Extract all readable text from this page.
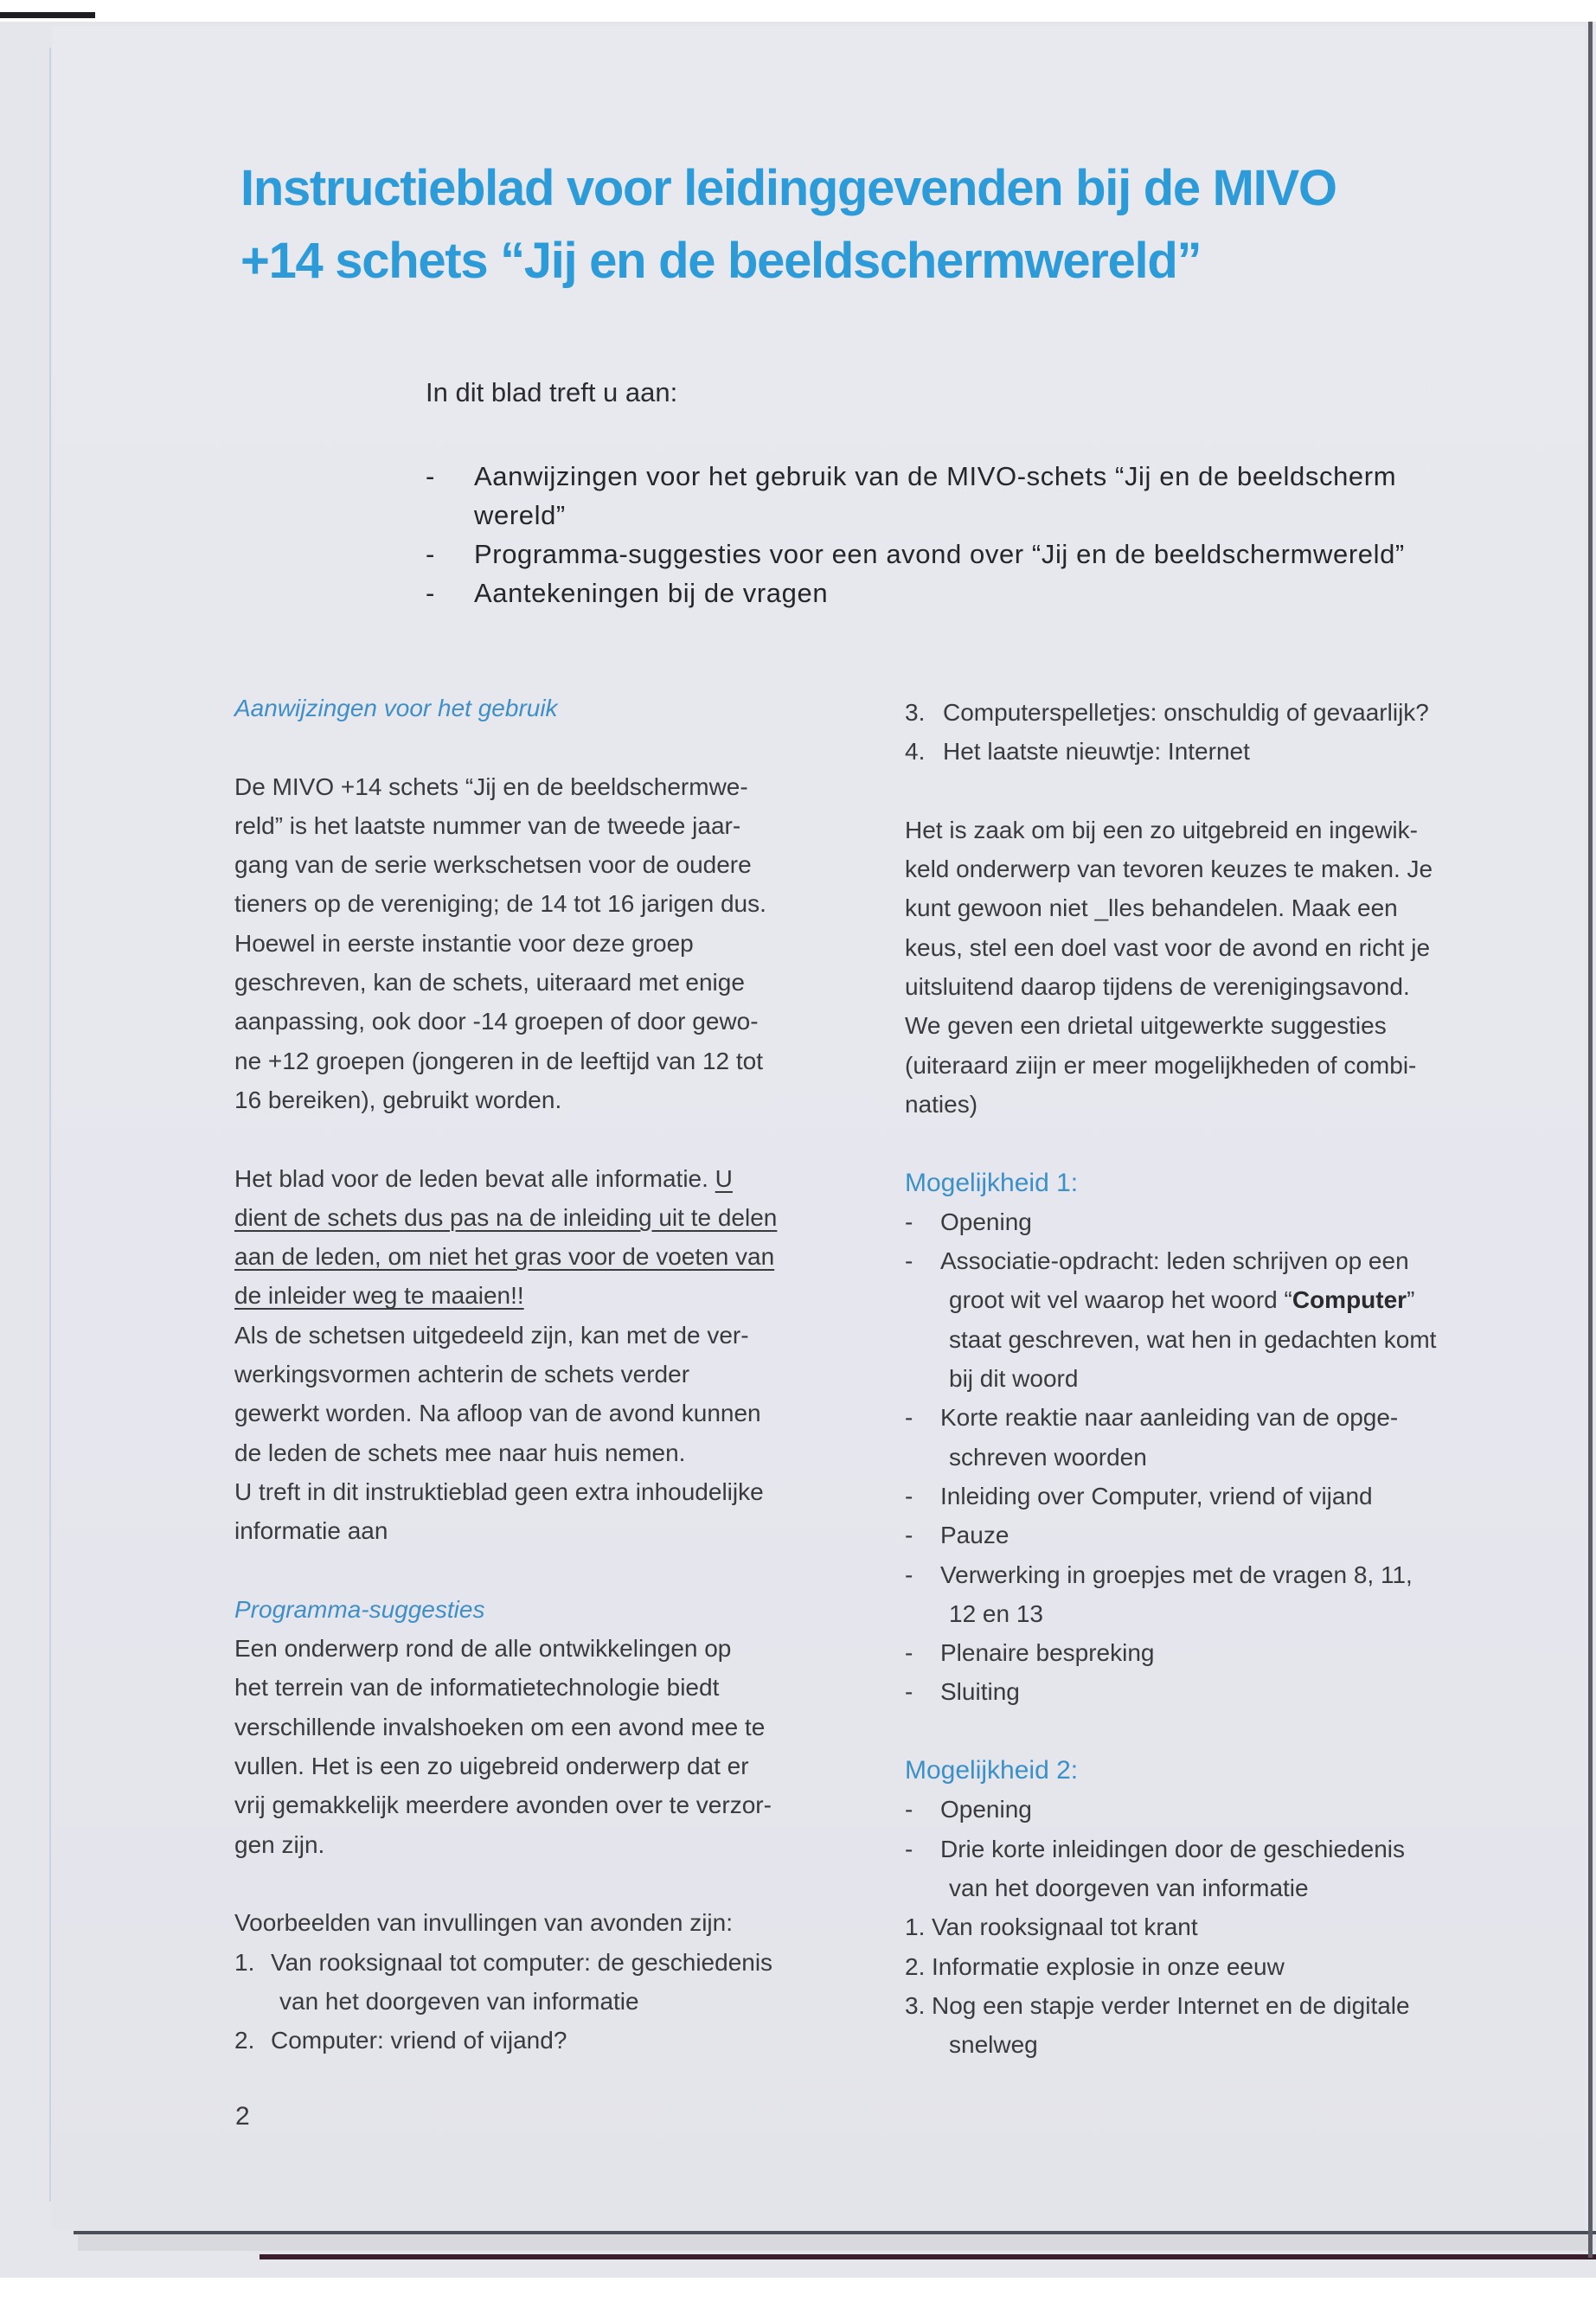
Instructieblad voor leidinggevenden bij de MIVO
+14 schets “Jij en de beeldschermwereld”
In dit blad treft u aan:
- Aanwijzingen voor het gebruik van de MIVO-schets “Jij en de beeldscherm
wereld”
- Programma-suggesties voor een avond over “Jij en de beeldschermwereld”
- Aantekeningen bij de vragen
Aanwijzingen voor het gebruik
De MIVO +14 schets “Jij en de beeldschermwe-
reld” is het laatste nummer van de tweede jaar-
gang van de serie werkschetsen voor de oudere
tieners op de vereniging; de 14 tot 16 jarigen dus.
Hoewel in eerste instantie voor deze groep
geschreven, kan de schets, uiteraard met enige
aanpassing, ook door -14 groepen of door gewo-
ne +12 groepen (jongeren in de leeftijd van 12 tot
16 bereiken), gebruikt worden.
Het blad voor de leden bevat alle informatie. U
dient de schets dus pas na de inleiding uit te delen
aan de leden, om niet het gras voor de voeten van
de inleider weg te maaien!!
Als de schetsen uitgedeeld zijn, kan met de ver-
werkingsvormen achterin de schets verder
gewerkt worden. Na afloop van de avond kunnen
de leden de schets mee naar huis nemen.
U treft in dit instruktieblad geen extra inhoudelijke
informatie aan
Programma-suggesties
Een onderwerp rond de alle ontwikkelingen op
het terrein van de informatietechnologie biedt
verschillende invalshoeken om een avond mee te
vullen. Het is een zo uigebreid onderwerp dat er
vrij gemakkelijk meerdere avonden over te verzor-
gen zijn.
Voorbeelden van invullingen van avonden zijn:
1. Van rooksignaal tot computer: de geschiedenis
van het doorgeven van informatie
2. Computer: vriend of vijand?
3. Computerspelletjes: onschuldig of gevaarlijk?
4. Het laatste nieuwtje: Internet
Het is zaak om bij een zo uitgebreid en ingewik-
keld onderwerp van tevoren keuzes te maken. Je
kunt gewoon niet _lles behandelen. Maak een
keus, stel een doel vast voor de avond en richt je
uitsluitend daarop tijdens de verenigingsavond.
We geven een drietal uitgewerkte suggesties
(uiteraard ziijn er meer mogelijkheden of combi-
naties)
Mogelijkheid 1:
- Opening
- Associatie-opdracht: leden schrijven op een
groot wit vel waarop het woord “Computer”
staat geschreven, wat hen in gedachten komt
bij dit woord
- Korte reaktie naar aanleiding van de opge-
schreven woorden
- Inleiding over Computer, vriend of vijand
- Pauze
- Verwerking in groepjes met de vragen 8, 11,
12 en 13
- Plenaire bespreking
- Sluiting
Mogelijkheid 2:
- Opening
- Drie korte inleidingen door de geschiedenis
van het doorgeven van informatie
1. Van rooksignaal tot krant
2. Informatie explosie in onze eeuw
3. Nog een stapje verder Internet en de digitale
snelweg
2
